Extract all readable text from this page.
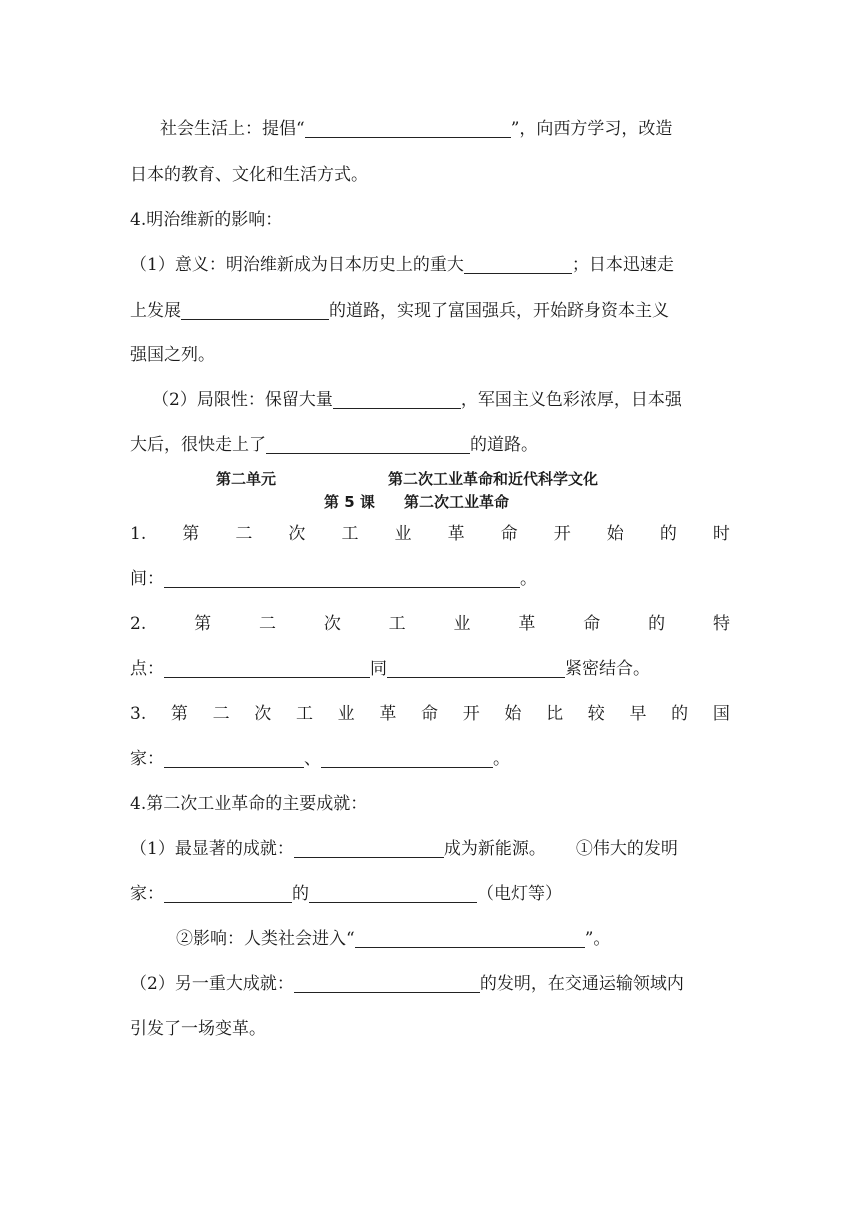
社会生活上：提倡“	”，向西方学习，改造
日本的教育、文化和生活方式。
4.明治维新的影响：
（1）意义：明治维新成为日本历史上的重大	；日本迅速走
上发展	的道路，实现了富国强兵，开始跻身资本主义
强国之列。
（2）局限性：保留大量	，军国主义色彩浓厚，日本强
大后，很快走上了	的道路。
第二单元	第二次工业革命和近代科学文化
第 5 课 第二次工业革命
1. 第 二 次 工 业 革 命 开 始 的 时
间：	。
2.	第	二	次	工	业	革	命	的	特
点：	同	紧密结合。
3. 第 二 次 工 业 革 命 开 始 比 较 早 的 国
家：	、	。
4.第二次工业革命的主要成就：
（1）最显著的成就：	成为新能源。 ①伟大的发明
家：	的	（电灯等）
②影响：人类社会进入“	”。
（2）另一重大成就：	的发明，在交通运输领域内
引发了一场变革。
